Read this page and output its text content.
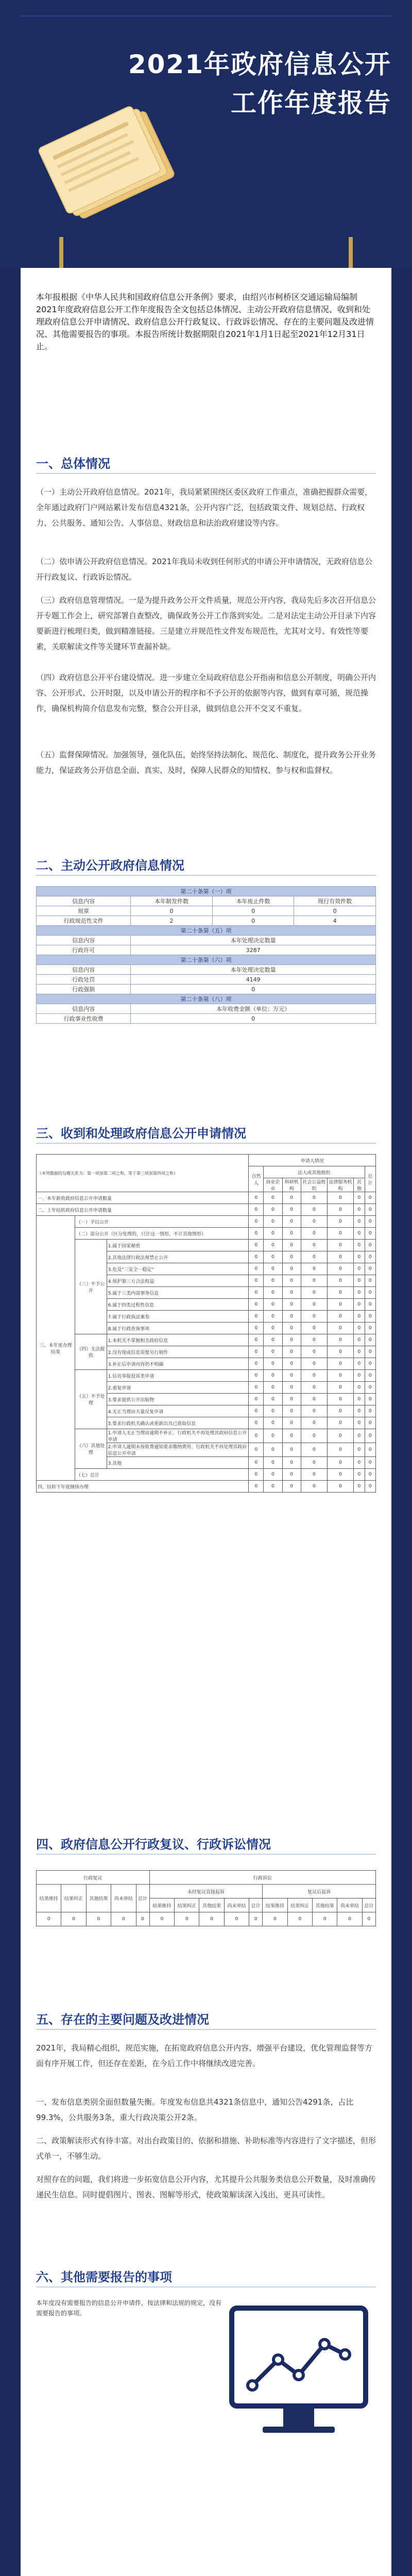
2021年政府信息公开
工作年度报告
本年报根据《中华人民共和国政府信息公开条例》要求，由绍兴市柯桥区交通运输局编制2021年度政府信息公开工作年度报告全文包括总体情况、主动公开政府信息情况、收到和处理政府信息公开申请情况、政府信息公开行政复议、行政诉讼情况、存在的主要问题及改进情况、其他需要报告的事项。本报告所统计数据期限自2021年1月1日起至2021年12月31日止。
一、总体情况
（一）主动公开政府信息情况。2021年，我局紧紧围绕区委区政府工作重点，准确把握群众需要，全年通过政府门户网站累计发布信息4321条，公开内容广泛，包括政策文件、规划总结、行政权力、公共服务、通知公告、人事信息、财政信息和法治政府建设等内容。
（二）依申请公开政府信息情况。2021年我局未收到任何形式的申请公开申请情况，无政府信息公开行政复议、行政诉讼情况。
（三）政府信息管理情况。一是为提升政务公开文件质量，规范公开内容，我局先后多次召开信息公开专题工作会上，研究部署自查整改，确保政务公开工作落到实处。二是对法定主动公开目录下内容要新进行梳理归类，做到精准链接。三是建立并规范性文件发布规范性，尤其对文号、有效性等要素，关联解读文件等关键环节查漏补缺。
（四）政府信息公开平台建设情况。进一步建立全局政府信息公开指南和信息公开制度，明确公开内容、公开形式、公开时限，以及申请公开的程序和不予公开的依据等内容，做到有章可循，规范操作，确保机构简介信息发布完整，整合公开目录，做到信息公开不交叉不重复。
（五）监督保障情况。加强领导，强化队伍，始终坚持法制化、规范化、制度化，提升政务公开业务能力，保证政务公开信息全面、真实、及时，保障人民群众的知情权、参与权和监督权。
二、主动公开政府信息情况
第二十条第（一）项			
信息内容	本年制发件数	本年废止件数	现行有效件数
规章	0	0	0
行政规范性文件	2	0	4
第二十条第（五）项			
信息内容	本年处理决定数量		
行政许可	3287		
第二十条第（六）项			
信息内容	本年处理决定数量		
行政处罚	4149		
行政强制	0		
第二十条第（八）项			
信息内容	本年收费金额（单位：万元）		
行政事业性收费	0		
三、收到和处理政府信息公开申请情况
（本列数据的勾稽关系为：第一项加第二项之和，等于第三项加第四项之和）			申请人情况						
			自然人	法人或其他组织					总计
				商业企业	科研机构	社会公益组织	法律服务机构	其他	
一、本年新收政府信息公开申请数量			0	0	0	0	0	0	0
二、上年结转政府信息公开申请数量			0	0	0	0	0	0	0
三、本年度办理结果	（一）予以公开		0	0	0	0	0	0	0
	（二）部分公开（区分处理的，只计这一情形，不计其他情形）		0	0	0	0	0	0	0
	（三）不予公开	1.属于国家秘密	0	0	0	0	0	0	0
		2.其他法律行政法规禁止公开	0	0	0	0	0	0	0
		3.危及"三安全一稳定"	0	0	0	0	0	0	0
		4.保护第三方合法权益	0	0	0	0	0	0	0
		5.属于三类内部事务信息	0	0	0	0	0	0	0
		6.属于四类过程性信息	0	0	0	0	0	0	0
		7.属于行政执法案卷	0	0	0	0	0	0	0
		8.属于行政查询事项	0	0	0	0	0	0	0
	（四）无法提供	1.本机关不掌握相关政府信息	0	0	0	0	0	0	0
		2.没有现成信息需要另行制作	0	0	0	0	0	0	0
		3.补正后申请内容仍不明确	0	0	0	0	0	0	0
	（五）不予处理	1.信访举报投诉类申请	0	0	0	0	0	0	0
		2.重复申请	0	0	0	0	0	0	0
		3.要求提供公开出版物	0	0	0	0	0	0	0
		4.无正当理由大量反复申请	0	0	0	0	0	0	0
		5.要求行政机关确认或重新出具已获取信息	0	0	0	0	0	0	0
	（六）其他处理	1.申请人无正当理由逾期不补正、行政机关不再处理其政府信息公开申请	0	0	0	0	0	0	0
		2.申请人逾期未按收费通知要求缴纳费用、行政机关不再处理其政府信息公开申请	0	0	0	0	0	0	0
		3.其他	0	0	0	0	0	0	0
	（七）总计		0	0	0	0	0	0	0
四、结转下年度继续办理			0	0	0	0	0	0	0
四、政府信息公开行政复议、行政诉讼情况
行政复议					行政诉讼									
结果维持	结果纠正	其他结果	尚未审结	总计	未经复议直接起诉					复议后起诉				
					结果维持	结果纠正	其他结果	尚未审结	总计	结果维持	结果纠正	其他结果	尚未审结	总计
0	0	0	0	0	0	0	0	0	0	0	0	0	0	0
五、存在的主要问题及改进情况
2021年，我局精心组织，规范实施，在拓宽政府信息公开内容、增强平台建设，优化管理监督等方面有序开展工作，但还存在差距，在今后工作中将继续改进完善。
一、发布信息类别全面但数量失衡。年度发布信息共4321条信息中，通知公告4291条，占比99.3%，公共服务3条，重大行政决策公开2条。
二、政策解读形式有待丰富。对出台政策目的、依据和措施、补助标准等内容进行了文字描述，但形式单一，不够生动。
对照存在的问题，我们将进一步拓宽信息公开内容，尤其提升公共服务类信息公开数量，及时准确传递民生信息。同时提倡图片、图表、图解等形式，使政策解读深入浅出，更具可读性。
六、其他需要报告的事项
本年度没有需要报告的信息公开申请件，按法律和法规的规定，没有需要报告的事项。
